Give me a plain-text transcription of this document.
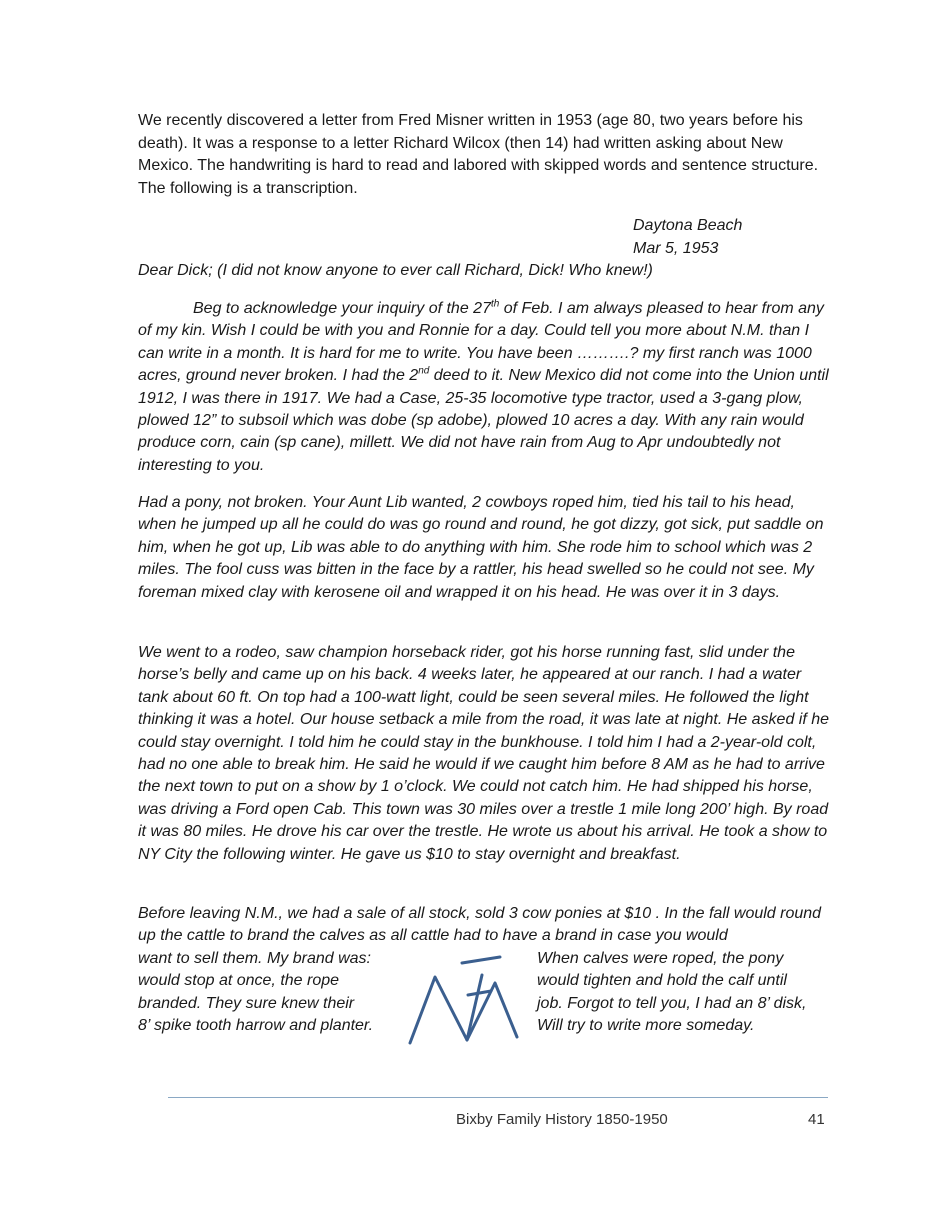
We recently discovered a letter from Fred Misner written in 1953 (age 80, two years before his death). It was a response to a letter Richard Wilcox (then 14) had written asking about New Mexico. The handwriting is hard to read and labored with skipped words and sentence structure. The following is a transcription.

Daytona Beach
Mar 5, 1953
Dear Dick; (I did not know anyone to ever call Richard, Dick! Who knew!)

Beg to acknowledge your inquiry of the 27th of Feb. I am always pleased to hear from any of my kin. Wish I could be with you and Ronnie for a day. Could tell you more about N.M. than I can write in a month. It is hard for me to write. You have been ……….? my first ranch was 1000 acres, ground never broken. I had the 2nd deed to it. New Mexico did not come into the Union until 1912, I was there in 1917. We had a Case, 25-35 locomotive type tractor, used a 3-gang plow, plowed 12” to subsoil which was dobe (sp adobe), plowed 10 acres a day. With any rain would produce corn, cain (sp cane), millett. We did not have rain from Aug to Apr undoubtedly not interesting to you.

Had a pony, not broken. Your Aunt Lib wanted, 2 cowboys roped him, tied his tail to his head, when he jumped up all he could do was go round and round, he got dizzy, got sick, put saddle on him, when he got up, Lib was able to do anything with him. She rode him to school which was 2 miles. The fool cuss was bitten in the face by a rattler, his head swelled so he could not see. My foreman mixed clay with kerosene oil and wrapped it on his head. He was over it in 3 days.

We went to a rodeo, saw champion horseback rider, got his horse running fast, slid under the horse’s belly and came up on his back. 4 weeks later, he appeared at our ranch. I had a water tank about 60 ft. On top had a 100-watt light, could be seen several miles. He followed the light thinking it was a hotel. Our house setback a mile from the road, it was late at night. He asked if he could stay overnight. I told him he could stay in the bunkhouse. I told him I had a 2-year-old colt, had no one able to break him. He said he would if we caught him before 8 AM as he had to arrive the next town to put on a show by 1 o’clock. We could not catch him. He had shipped his horse, was driving a Ford open Cab. This town was 30 miles over a trestle 1 mile long 200’ high. By road it was 80 miles. He drove his car over the trestle. He wrote us about his arrival. He took a show to NY City the following winter. He gave us $10 to stay overnight and breakfast.

Before leaving N.M., we had a sale of all stock, sold 3 cow ponies at $10 . In the fall would round up the cattle to brand the calves as all cattle had to have a brand in case you would

want to sell them. My brand was:
would stop at once, the rope
branded. They sure knew their
8’ spike tooth harrow and planter.
When calves were roped, the pony
would tighten and hold the calf until
job. Forgot to tell you, I had an 8’ disk,
Will try to write more someday.
Bixby Family History 1850-1950	41
